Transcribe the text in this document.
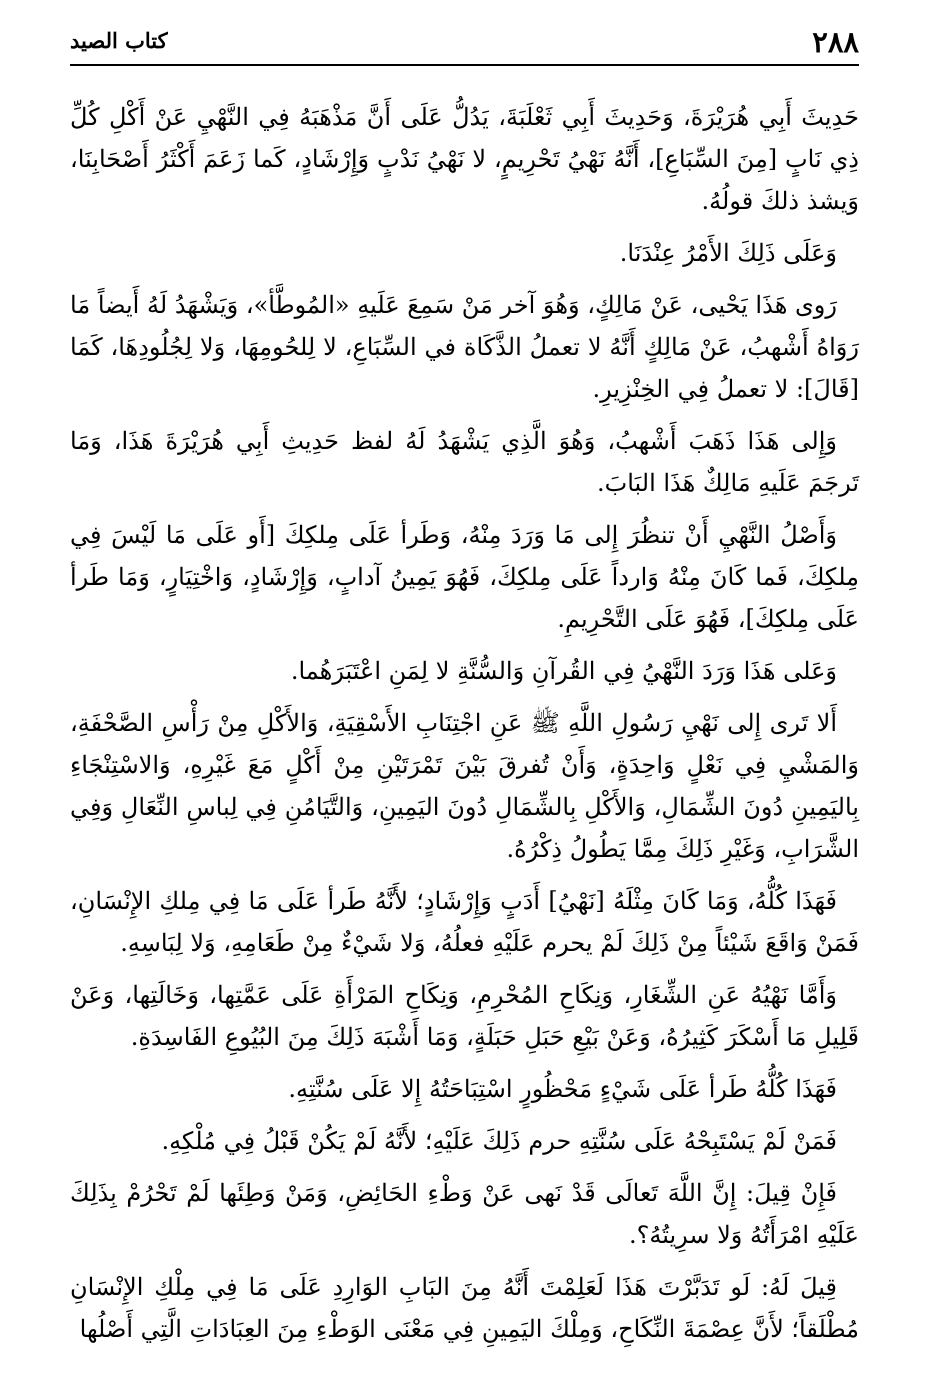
٢٨٨
كتاب الصيد

حَدِيثَ أَبِي هُرَيْرَةَ، وَحَدِيثَ أَبِي ثَعْلَبَةَ، يَدُلُّ عَلَى أَنَّ مَذْهَبَهُ فِي النَّهْيِ عَنْ أَكْلِ كُلِّ ذِي نَابٍ [مِنَ السِّبَاعِ]، أَنَّهُ نَهْيُ تَحْرِيمٍ، لا نَهْيُ نَدْبٍ وَإِرْشَادٍ، كَما زَعَمَ أَكْثَرُ أَصْحَابِنَا، وَيشذ ذلكَ قولُهُ.

وَعَلَى ذَلِكَ الأَمْرُ عِنْدَنَا.

رَوى هَذَا يَحْيى، عَنْ مَالِكٍ، وَهُوَ آخر مَنْ سَمِعَ عَلَيهِ «المُوطَّأ»، وَيَشْهَدُ لَهُ أَيضاً مَا رَوَاهُ أَشْهبُ، عَنْ مَالِكٍ أَنَّهُ لا تعملُ الذَّكَاة في السِّبَاعِ، لا لِلحُومِهَا، وَلا لِجُلُودِهَا، كَمَا [قَالَ]: لا تعملُ فِي الخِنْزِيرِ.

وَإِلى هَذَا ذَهَبَ أَشْهبُ، وَهُوَ الَّذِي يَشْهَدُ لَهُ لفظ حَدِيثِ أَبِي هُرَيْرَةَ هَذَا، وَمَا تَرجَمَ عَلَيهِ مَالِكٌ هَذَا البَابَ.

وَأَصْلُ النَّهْيِ أَنْ تنظُرَ إِلى مَا وَرَدَ مِنْهُ، وَطَرأ عَلَى مِلكِكَ [أَو عَلَى مَا لَيْسَ فِي مِلكِكَ، فَما كَانَ مِنْهُ وَارداً عَلَى مِلكِكَ، فَهُوَ يَمِينُ آدابٍ، وَإِرْشَادٍ، وَاخْتِيَارٍ، وَمَا طَرأ عَلَى مِلكِكَ]، فَهُوَ عَلَى التَّحْرِيمِ.

وَعَلى هَذَا وَرَدَ النَّهْيُ فِي القُرآنِ وَالسُّنَّةِ لا لِمَنِ اعْتَبَرَهُما.

أَلا تَرى إِلى نَهْيِ رَسُولِ اللَّهِ ﷺ عَنِ اجْتِنَابِ الأَسْقِيَةِ، وَالأَكْلِ مِنْ رَأْسِ الصَّحْفَةِ، وَالمَشْيِ فِي نَعْلٍ وَاحِدَةٍ، وَأَنْ تُفرقَ بَيْنَ تَمْرَتَيْنِ مِنْ أَكْلٍ مَعَ غَيْرِهِ، وَالاسْتِنْجَاءِ بِاليَمِينِ دُونَ الشِّمَالِ، وَالأَكْلِ بِالشِّمَالِ دُونَ اليَمِينِ، وَالتَّيَامُنِ فِي لِباسِ النِّعَالِ وَفِي الشَّرَابِ، وَغَيْرِ ذَلِكَ مِمَّا يَطُولُ ذِكْرُهُ.

فَهَذَا كُلُّهُ، وَمَا كَانَ مِثْلَهُ [نَهْيُ] أَدَبٍ وَإِرْشَادٍ؛ لأَنَّهُ طَرأ عَلَى مَا فِي مِلكِ الإِنْسَانِ، فَمَنْ وَاقَعَ شَيْئاً مِنْ ذَلِكَ لَمْ يحرم عَلَيْهِ فعلُهُ، وَلا شَيْءٌ مِنْ طَعَامِهِ، وَلا لِبَاسِهِ.

وَأَمَّا نَهْيُهُ عَنِ الشِّغَارِ، وَنِكَاحِ المُحْرِمِ، وَنِكَاحِ المَرْأَةِ عَلَى عَمَّتِها، وَخَالَتِها، وَعَنْ قَلِيلِ مَا أَسْكَرَ كَثِيرُهُ، وَعَنْ بَيْعِ حَبَلِ حَبَلَةٍ، وَمَا أَشْبَهَ ذَلِكَ مِنَ البُيُوعِ الفَاسِدَةِ.

فَهَذَا كُلُّهُ طَرأ عَلَى شَيْءٍ مَحْظُورٍ اسْتِبَاحَتُهُ إِلا عَلَى سُنَّتِهِ.

فَمَنْ لَمْ يَسْتَبِحْهُ عَلَى سُنَّتِهِ حرم ذَلِكَ عَلَيْهِ؛ لأَنَّهُ لَمْ يَكُنْ قَبْلُ فِي مُلْكِهِ.

فَإِنْ قِيلَ: إِنَّ اللَّهَ تَعالَى قَدْ نَهى عَنْ وَطْءِ الحَائِضِ، وَمَنْ وَطِئَها لَمْ تَحْرُمْ بِذَلِكَ عَلَيْهِ امْرَأَتُهُ وَلا سرِيتُهُ؟.

قِيلَ لَهُ: لَو تَدَبَّرْتَ هَذَا لَعَلِمْتَ أَنَّهُ مِنَ البَابِ الوَارِدِ عَلَى مَا فِي مِلْكِ الإِنْسَانِ مُطْلَقاً؛ لأَنَّ عِصْمَةَ النِّكَاحِ، وَمِلْكَ اليَمِينِ فِي مَعْنَى الوَطْءِ مِنَ العِبَادَاتِ الَّتِي أَصْلُها
